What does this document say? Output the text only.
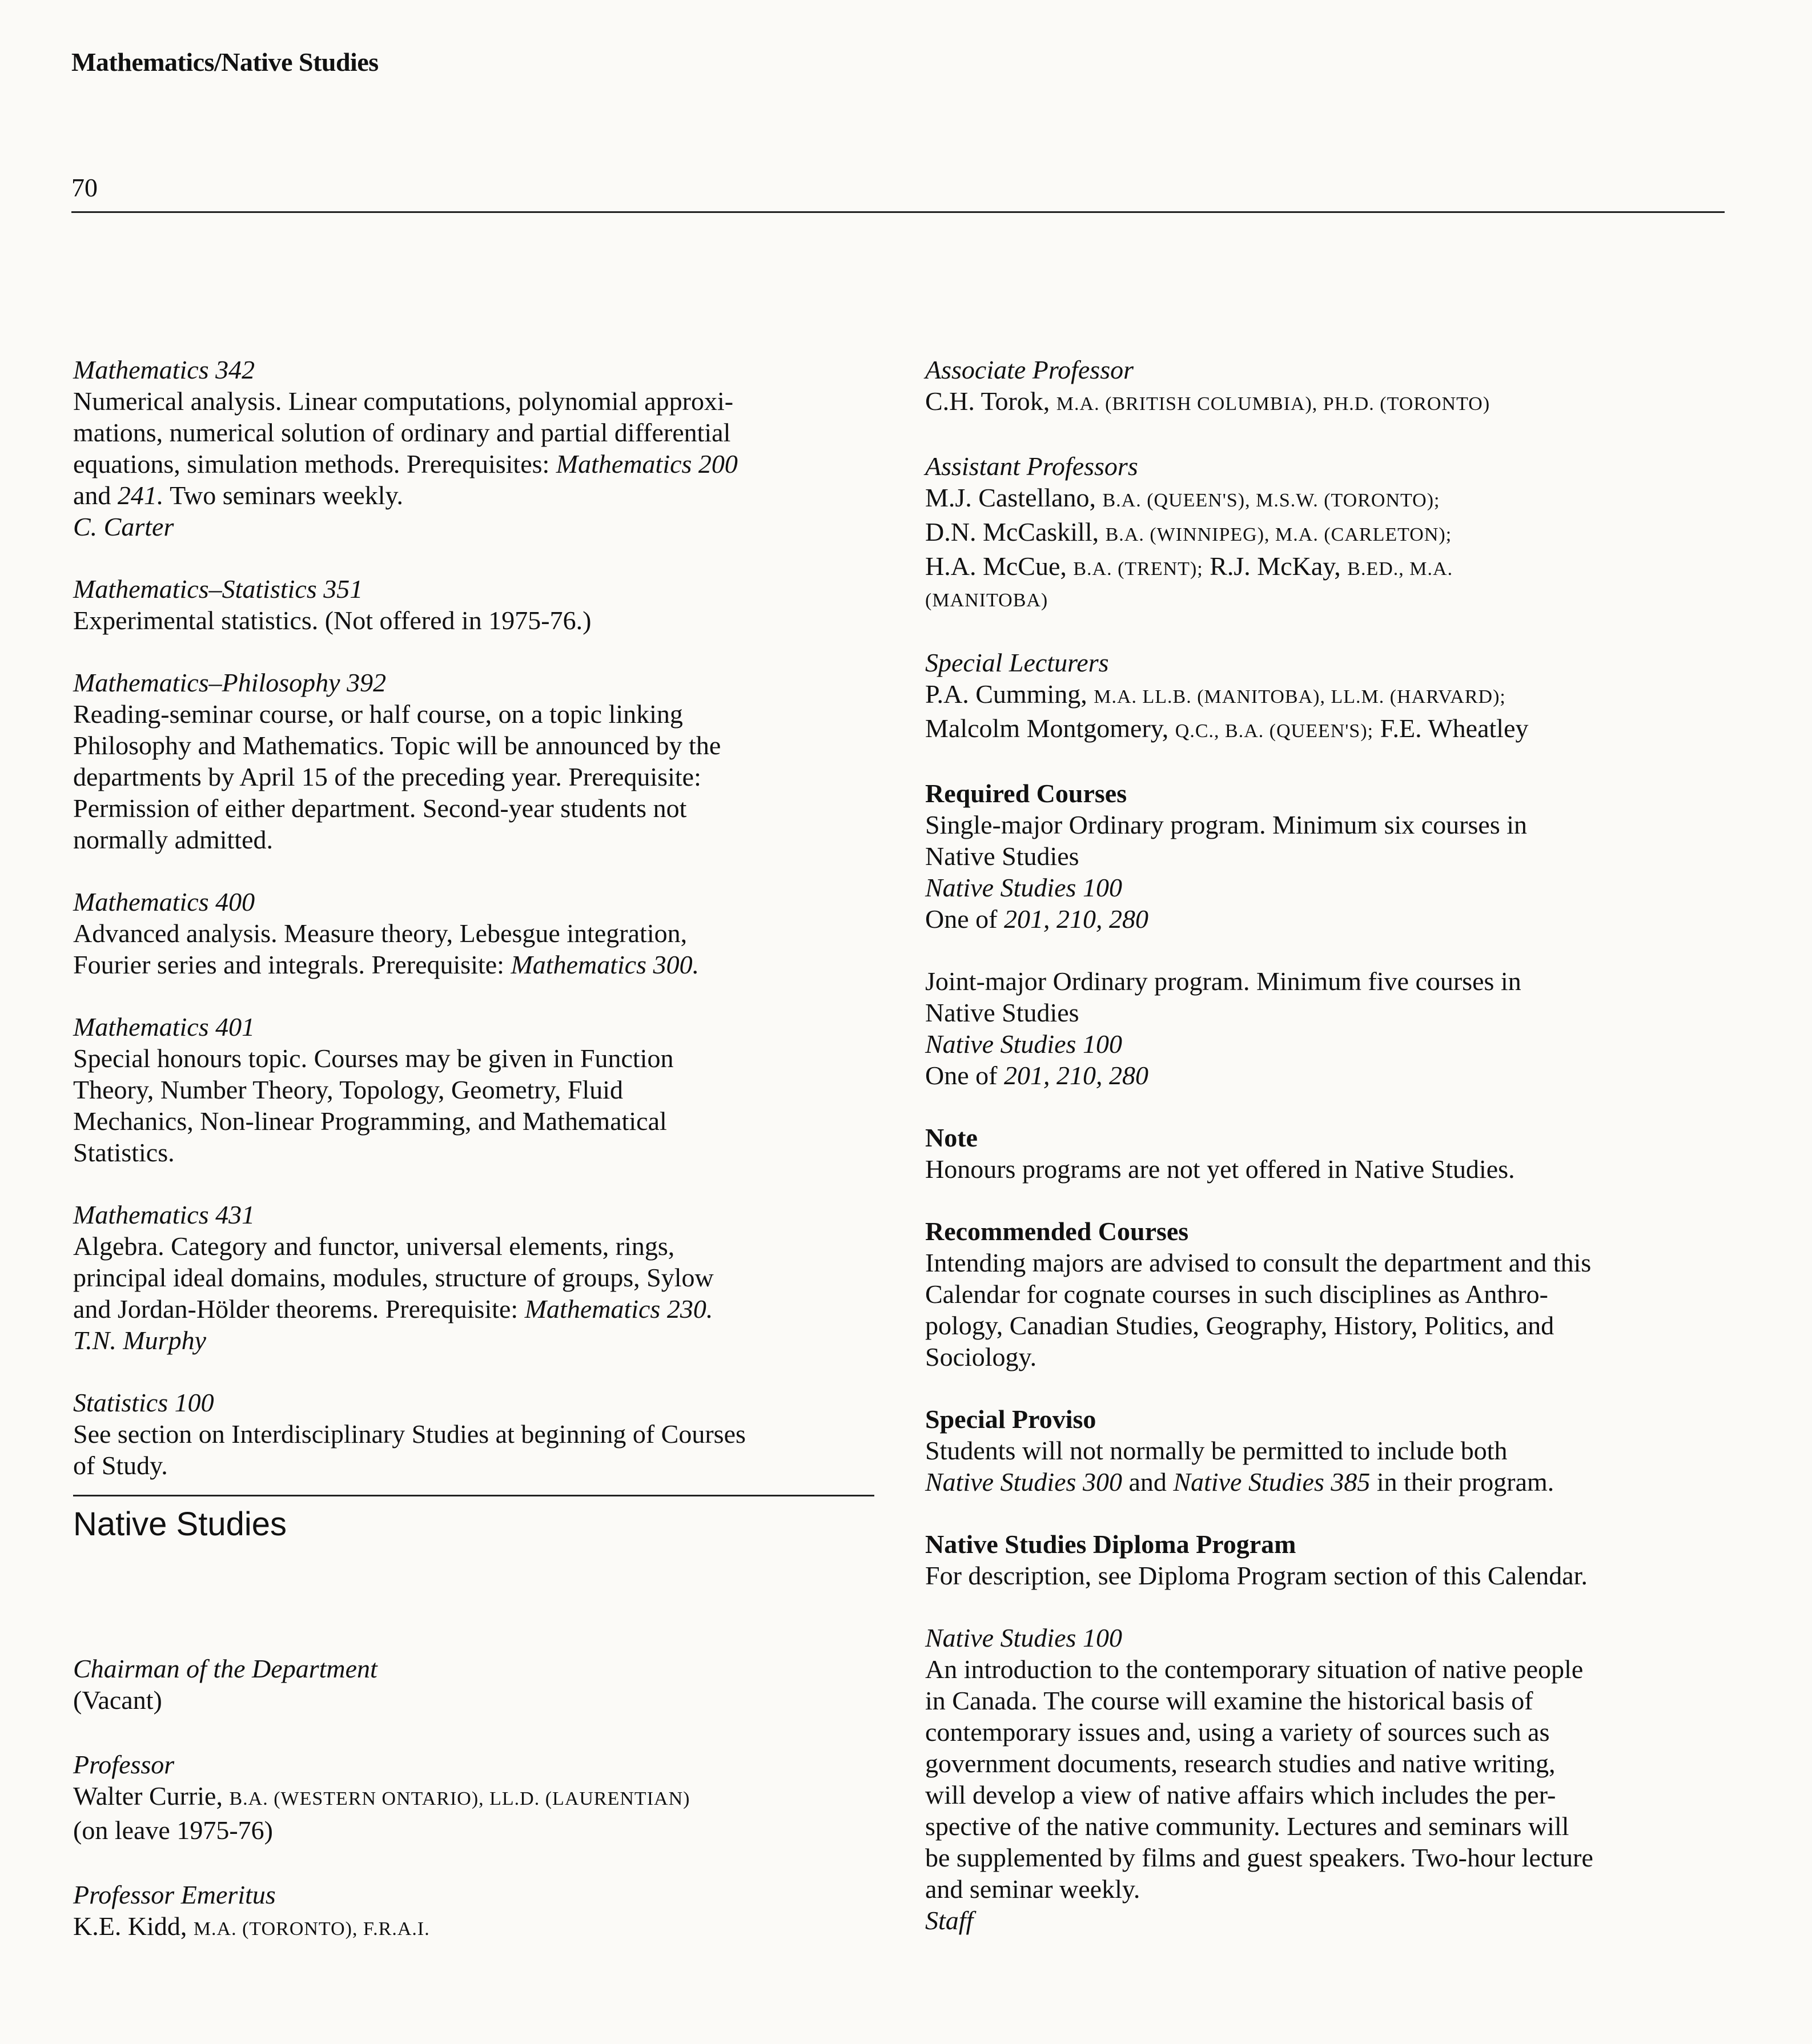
Mathematics/Native Studies
70
Mathematics 342
Numerical analysis. Linear computations, polynomial approxi-
mations, numerical solution of ordinary and partial differential
equations, simulation methods. Prerequisites: Mathematics 200
and 241. Two seminars weekly.
C. Carter
Mathematics–Statistics 351
Experimental statistics. (Not offered in 1975-76.)
Mathematics–Philosophy 392
Reading-seminar course, or half course, on a topic linking
Philosophy and Mathematics. Topic will be announced by the
departments by April 15 of the preceding year. Prerequisite:
Permission of either department. Second-year students not
normally admitted.
Mathematics 400
Advanced analysis. Measure theory, Lebesgue integration,
Fourier series and integrals. Prerequisite: Mathematics 300.
Mathematics 401
Special honours topic. Courses may be given in Function
Theory, Number Theory, Topology, Geometry, Fluid
Mechanics, Non-linear Programming, and Mathematical
Statistics.
Mathematics 431
Algebra. Category and functor, universal elements, rings,
principal ideal domains, modules, structure of groups, Sylow
and Jordan-Hölder theorems. Prerequisite: Mathematics 230.
T.N. Murphy
Statistics 100
See section on Interdisciplinary Studies at beginning of Courses
of Study.
Native Studies
Chairman of the Department
(Vacant)
Professor
Walter Currie, B.A. (WESTERN ONTARIO), LL.D. (LAURENTIAN)
(on leave 1975-76)
Professor Emeritus
K.E. Kidd, M.A. (TORONTO), F.R.A.I.
Associate Professor
C.H. Torok, M.A. (BRITISH COLUMBIA), PH.D. (TORONTO)
Assistant Professors
M.J. Castellano, B.A. (QUEEN'S), M.S.W. (TORONTO);
D.N. McCaskill, B.A. (WINNIPEG), M.A. (CARLETON);
H.A. McCue, B.A. (TRENT); R.J. McKay, B.ED., M.A.
(MANITOBA)
Special Lecturers
P.A. Cumming, M.A. LL.B. (MANITOBA), LL.M. (HARVARD);
Malcolm Montgomery, Q.C., B.A. (QUEEN'S); F.E. Wheatley
Required Courses
Single-major Ordinary program. Minimum six courses in
Native Studies
Native Studies 100
One of 201, 210, 280
Joint-major Ordinary program. Minimum five courses in
Native Studies
Native Studies 100
One of 201, 210, 280
Note
Honours programs are not yet offered in Native Studies.
Recommended Courses
Intending majors are advised to consult the department and this
Calendar for cognate courses in such disciplines as Anthro-
pology, Canadian Studies, Geography, History, Politics, and
Sociology.
Special Proviso
Students will not normally be permitted to include both
Native Studies 300 and Native Studies 385 in their program.
Native Studies Diploma Program
For description, see Diploma Program section of this Calendar.
Native Studies 100
An introduction to the contemporary situation of native people
in Canada. The course will examine the historical basis of
contemporary issues and, using a variety of sources such as
government documents, research studies and native writing,
will develop a view of native affairs which includes the per-
spective of the native community. Lectures and seminars will
be supplemented by films and guest speakers. Two-hour lecture
and seminar weekly.
Staff
